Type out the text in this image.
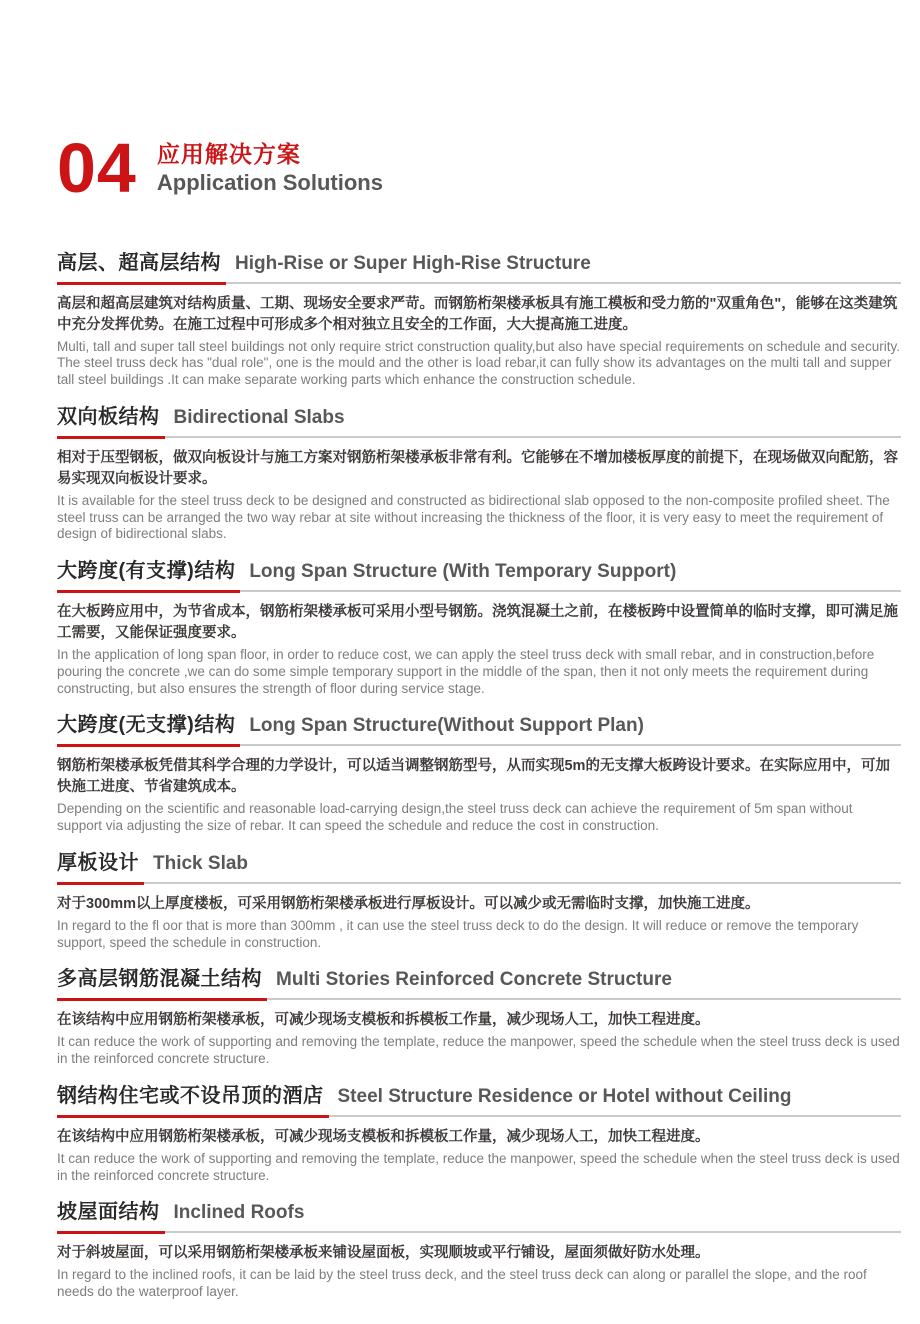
04 应用解决方案
Application Solutions
高层、超高层结构 High-Rise or Super High-Rise Structure

高层和超高层建筑对结构质量、工期、现场安全要求严苛。而钢筋桁架楼承板具有施工模板和受力筋的"双重角色"，能够在这类建筑中充分发挥优势。在施工过程中可形成多个相对独立且安全的工作面，大大提高施工进度。

Multi, tall and super tall steel buildings not only require strict construction quality,but also have special requirements on schedule and security. The steel truss deck has "dual role", one is the mould and the other is load rebar,it can fully show its advantages on the multi tall and supper tall steel buildings .It can make separate working parts which enhance the construction schedule.

双向板结构 Bidirectional Slabs

相对于压型钢板，做双向板设计与施工方案对钢筋桁架楼承板非常有利。它能够在不增加楼板厚度的前提下，在现场做双向配筋，容易实现双向板设计要求。

It is available for the steel truss deck to be designed and constructed as bidirectional slab opposed to the non-composite profiled sheet. The steel truss can be arranged the two way rebar at site without increasing the thickness of the floor, it is very easy to meet the requirement of design of bidirectional slabs.

大跨度(有支撑)结构 Long Span Structure (With Temporary Support)

在大板跨应用中，为节省成本，钢筋桁架楼承板可采用小型号钢筋。浇筑混凝土之前，在楼板跨中设置简单的临时支撑，即可满足施工需要，又能保证强度要求。

In the application of long span floor, in order to reduce cost, we can apply the steel truss deck with small rebar, and in construction,before pouring the concrete ,we can do some simple temporary support in the middle of the span, then it not only meets the requirement during constructing, but also ensures the strength of floor during service stage.

大跨度(无支撑)结构 Long Span Structure(Without Support Plan)

钢筋桁架楼承板凭借其科学合理的力学设计，可以适当调整钢筋型号，从而实现5m的无支撑大板跨设计要求。在实际应用中，可加快施工进度、节省建筑成本。

Depending on the scientific and reasonable load-carrying design,the steel truss deck can achieve the requirement of 5m span without support via adjusting the size of rebar. It can speed the schedule and reduce the cost in construction.

厚板设计 Thick Slab

对于300mm以上厚度楼板，可采用钢筋桁架楼承板进行厚板设计。可以减少或无需临时支撑，加快施工进度。

In regard to the fl oor that is more than 300mm , it can use the steel truss deck to do the design. It will reduce or remove the temporary support, speed the schedule in construction.

多高层钢筋混凝土结构 Multi Stories Reinforced Concrete Structure

在该结构中应用钢筋桁架楼承板，可减少现场支模板和拆模板工作量，减少现场人工，加快工程进度。

It can reduce the work of supporting and removing the template, reduce the manpower, speed the schedule when the steel truss deck is used in the reinforced concrete structure.

钢结构住宅或不设吊顶的酒店 Steel Structure Residence or Hotel without Ceiling

在该结构中应用钢筋桁架楼承板，可减少现场支模板和拆模板工作量，减少现场人工，加快工程进度。

It can reduce the work of supporting and removing the template, reduce the manpower, speed the schedule when the steel truss deck is used in the reinforced concrete structure.

坡屋面结构 Inclined Roofs

对于斜坡屋面，可以采用钢筋桁架楼承板来铺设屋面板，实现顺坡或平行铺设，屋面须做好防水处理。

In regard to the inclined roofs, it can be laid by the steel truss deck, and the steel truss deck can along or parallel the slope, and the roof needs do the waterproof layer.
